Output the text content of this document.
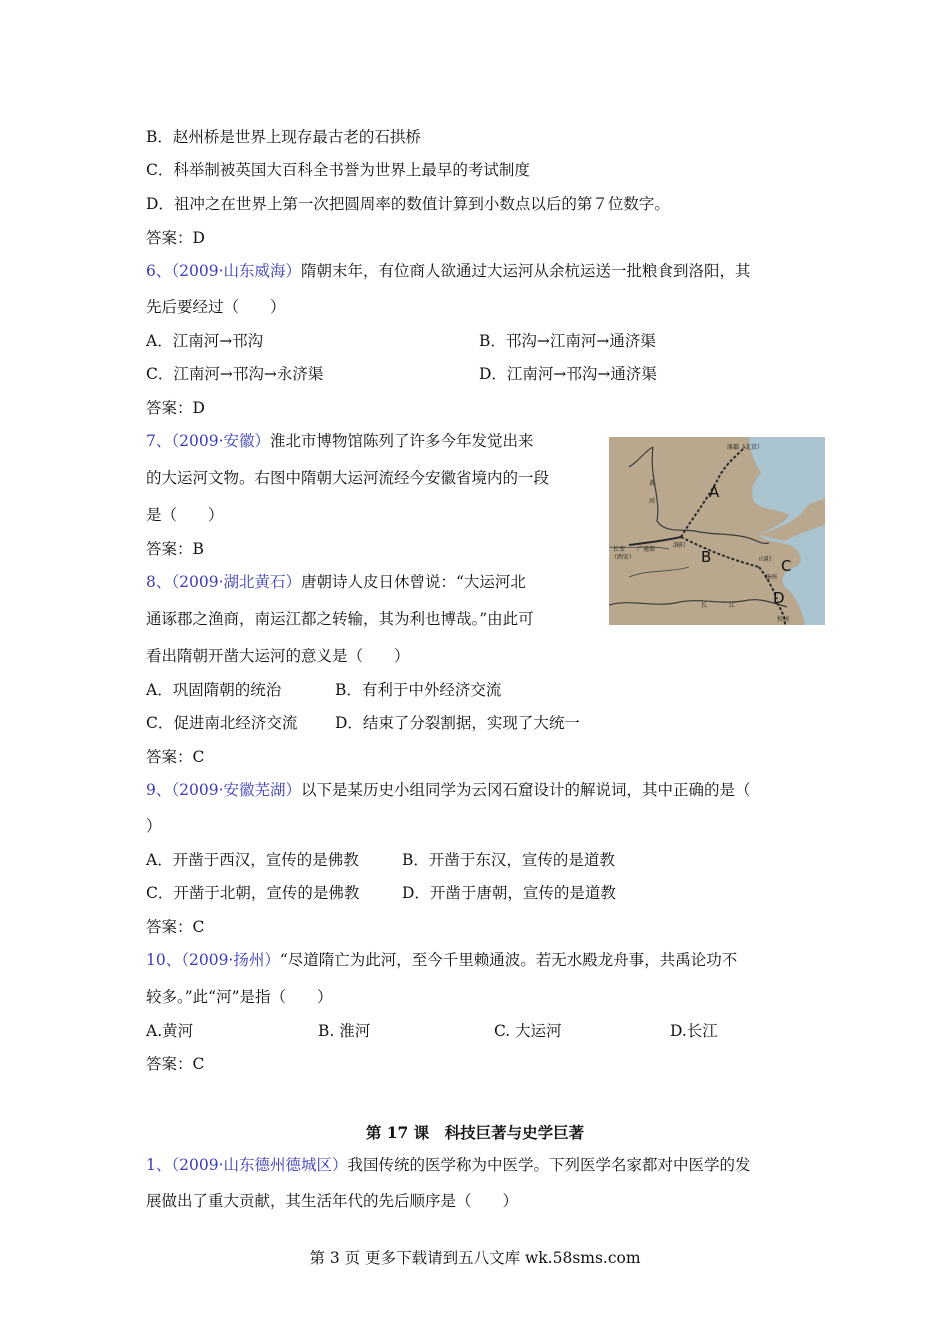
B．赵州桥是世界上现存最古老的石拱桥
C．科举制被英国大百科全书誉为世界上最早的考试制度
D．祖冲之在世界上第一次把圆周率的数值计算到小数点以后的第７位数字。
答案：D
6、（2009·山东威海）隋朝末年，有位商人欲通过大运河从余杭运送一批粮食到洛阳，其
先后要经过（　　）
A．江南河→邗沟	B．邗沟→江南河→通济渠
C．江南河→邗沟→永济渠	D．江南河→邗沟→通济渠
答案：D
7、（2009·安徽）淮北市博物馆陈列了许多今年发觉出来
的大运河文物。右图中隋朝大运河流经今安徽省境内的一段
是（　　）
答案：B
A
B	C
D
涿郡（北京）
黄
河
长安
（西安）
广通渠
洛阳
山阳
扬州
长	江
杭州
8、（2009·湖北黄石）唐朝诗人皮日休曾说：“大运河北
通诼郡之渔商，南运江都之转输，其为利也博哉。”由此可
看出隋朝开凿大运河的意义是（　　）
A．巩固隋朝的统治	B．有利于中外经济交流
C．促进南北经济交流 D．结束了分裂割据，实现了大统一
答案：C
9、（2009·安徽芜湖）以下是某历史小组同学为云冈石窟设计的解说词，其中正确的是（
）
A．开凿于西汉，宣传的是佛教	B．开凿于东汉，宣传的是道教
C．开凿于北朝，宣传的是佛教	D．开凿于唐朝，宣传的是道教
答案：C
10、（2009·扬州）“尽道隋亡为此河，至今千里赖通波。若无水殿龙舟事，共禹论功不
较多。”此“河”是指（　　）
A.黄河	B. 淮河	C. 大运河	D.长江
答案：C
第 17 课　科技巨著与史学巨著
1、（2009·山东德州德城区）我国传统的医学称为中医学。下列医学名家都对中医学的发
展做出了重大贡献，其生活年代的先后顺序是（　　）
第 3 页 更多下载请到五八文库 wk.58sms.com
